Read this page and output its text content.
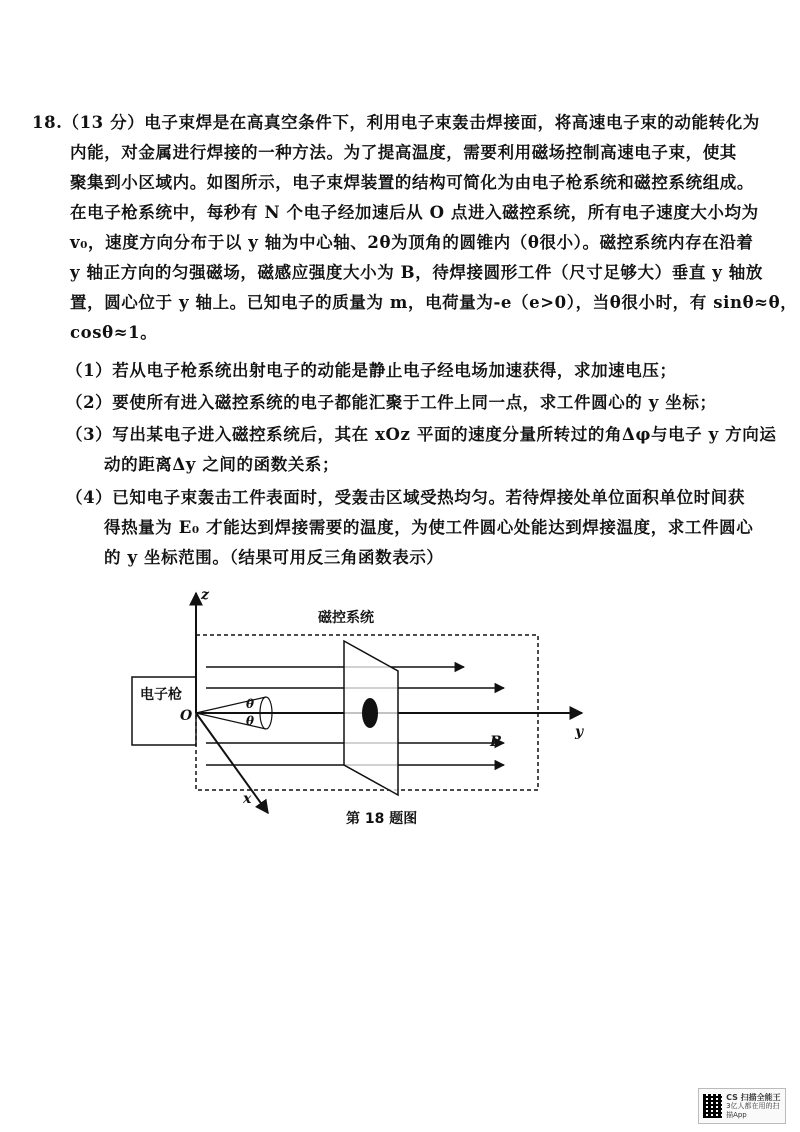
18.（13 分）电子束焊是在高真空条件下，利用电子束轰击焊接面，将高速电子束的动能转化为
内能，对金属进行焊接的一种方法。为了提高温度，需要利用磁场控制高速电子束，使其
聚集到小区域内。如图所示，电子束焊装置的结构可简化为由电子枪系统和磁控系统组成。
在电子枪系统中，每秒有 N 个电子经加速后从 O 点进入磁控系统，所有电子速度大小均为
v₀，速度方向分布于以 y 轴为中心轴、2θ为顶角的圆锥内（θ很小）。磁控系统内存在沿着
y 轴正方向的匀强磁场，磁感应强度大小为 B，待焊接圆形工件（尺寸足够大）垂直 y 轴放
置，圆心位于 y 轴上。已知电子的质量为 m，电荷量为-e（e>0），当θ很小时，有 sinθ≈θ，
cosθ≈1。
（1）若从电子枪系统出射电子的动能是静止电子经电场加速获得，求加速电压；
（2）要使所有进入磁控系统的电子都能汇聚于工件上同一点，求工件圆心的 y 坐标；
（3）写出某电子进入磁控系统后，其在 xOz 平面的速度分量所转过的角Δφ与电子 y 方向运
动的距离Δy 之间的函数关系；
（4）已知电子束轰击工件表面时，受轰击区域受热均匀。若待焊接处单位面积单位时间获
得热量为 E₀ 才能达到焊接需要的温度，为使工件圆心处能达到焊接温度，求工件圆心
的 y 坐标范围。（结果可用反三角函数表示）
磁控系统
电子枪
z
y
x
O
B
θ
θ
第 18 题图
CS 扫描全能王
3亿人都在用的扫描App
